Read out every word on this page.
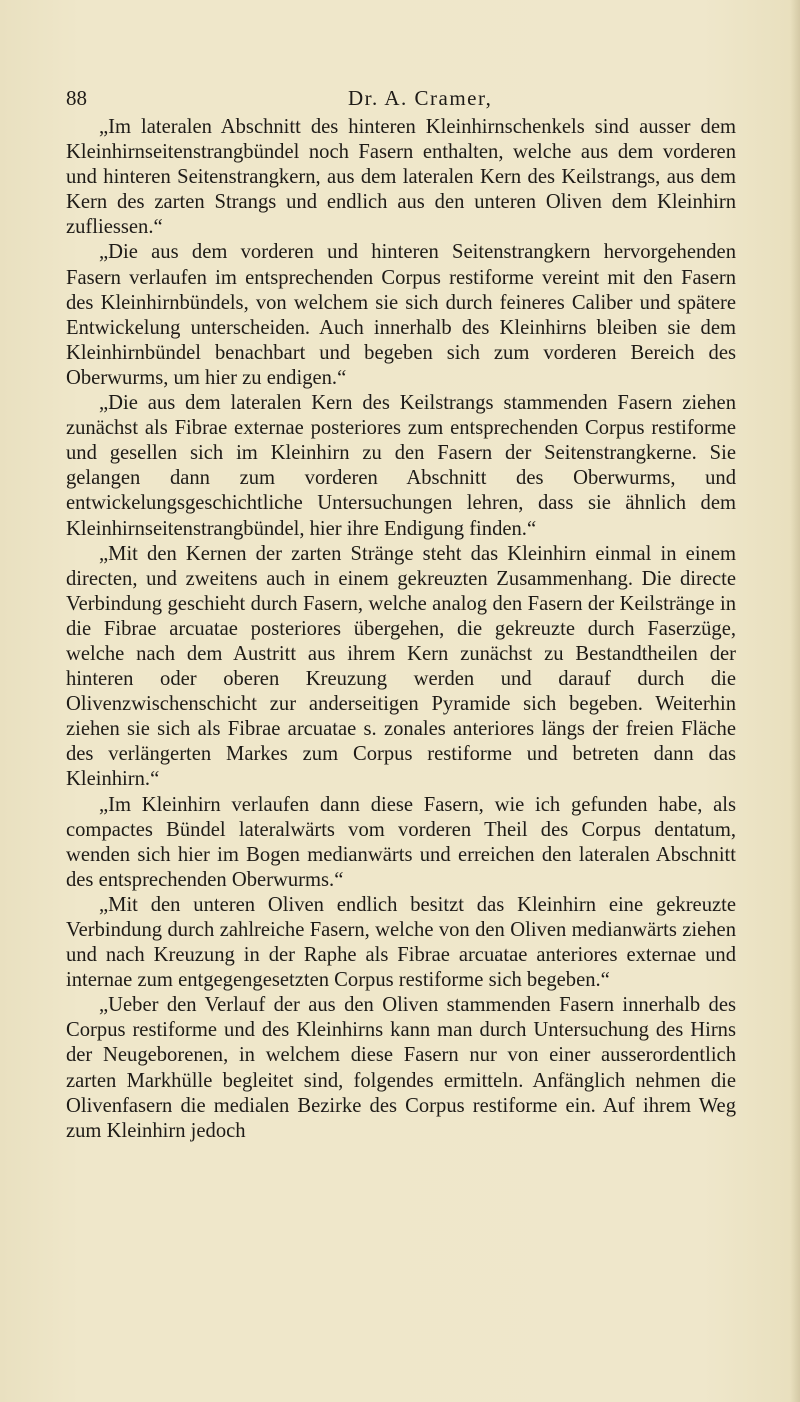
88	Dr. A. Cramer,

„Im lateralen Abschnitt des hinteren Kleinhirnschenkels sind ausser dem Kleinhirnseitenstrangbündel noch Fasern enthalten, welche aus dem vorderen und hinteren Seitenstrangkern, aus dem lateralen Kern des Keilstrangs, aus dem Kern des zarten Strangs und endlich aus den unteren Oliven dem Kleinhirn zufliessen.“

„Die aus dem vorderen und hinteren Seitenstrangkern hervorgehenden Fasern verlaufen im entsprechenden Corpus restiforme vereint mit den Fasern des Kleinhirnbündels, von welchem sie sich durch feineres Caliber und spätere Entwickelung unterscheiden. Auch innerhalb des Kleinhirns bleiben sie dem Kleinhirnbündel benachbart und begeben sich zum vorderen Bereich des Oberwurms, um hier zu endigen.“

„Die aus dem lateralen Kern des Keilstrangs stammenden Fasern ziehen zunächst als Fibrae externae posteriores zum entsprechenden Corpus restiforme und gesellen sich im Kleinhirn zu den Fasern der Seitenstrangkerne. Sie gelangen dann zum vorderen Abschnitt des Oberwurms, und entwickelungsgeschichtliche Untersuchungen lehren, dass sie ähnlich dem Kleinhirnseitenstrangbündel, hier ihre Endigung finden.“

„Mit den Kernen der zarten Stränge steht das Kleinhirn einmal in einem directen, und zweitens auch in einem gekreuzten Zusammenhang. Die directe Verbindung geschieht durch Fasern, welche analog den Fasern der Keilstränge in die Fibrae arcuatae posteriores übergehen, die gekreuzte durch Faserzüge, welche nach dem Austritt aus ihrem Kern zunächst zu Bestandtheilen der hinteren oder oberen Kreuzung werden und darauf durch die Olivenzwischenschicht zur anderseitigen Pyramide sich begeben. Weiterhin ziehen sie sich als Fibrae arcuatae s. zonales anteriores längs der freien Fläche des verlängerten Markes zum Corpus restiforme und betreten dann das Kleinhirn.“

„Im Kleinhirn verlaufen dann diese Fasern, wie ich gefunden habe, als compactes Bündel lateralwärts vom vorderen Theil des Corpus dentatum, wenden sich hier im Bogen medianwärts und erreichen den lateralen Abschnitt des entsprechenden Oberwurms.“

„Mit den unteren Oliven endlich besitzt das Kleinhirn eine gekreuzte Verbindung durch zahlreiche Fasern, welche von den Oliven medianwärts ziehen und nach Kreuzung in der Raphe als Fibrae arcuatae anteriores externae und internae zum entgegengesetzten Corpus restiforme sich begeben.“

„Ueber den Verlauf der aus den Oliven stammenden Fasern innerhalb des Corpus restiforme und des Kleinhirns kann man durch Untersuchung des Hirns der Neugeborenen, in welchem diese Fasern nur von einer ausserordentlich zarten Markhülle begleitet sind, folgendes ermitteln. Anfänglich nehmen die Olivenfasern die medialen Bezirke des Corpus restiforme ein. Auf ihrem Weg zum Kleinhirn jedoch
